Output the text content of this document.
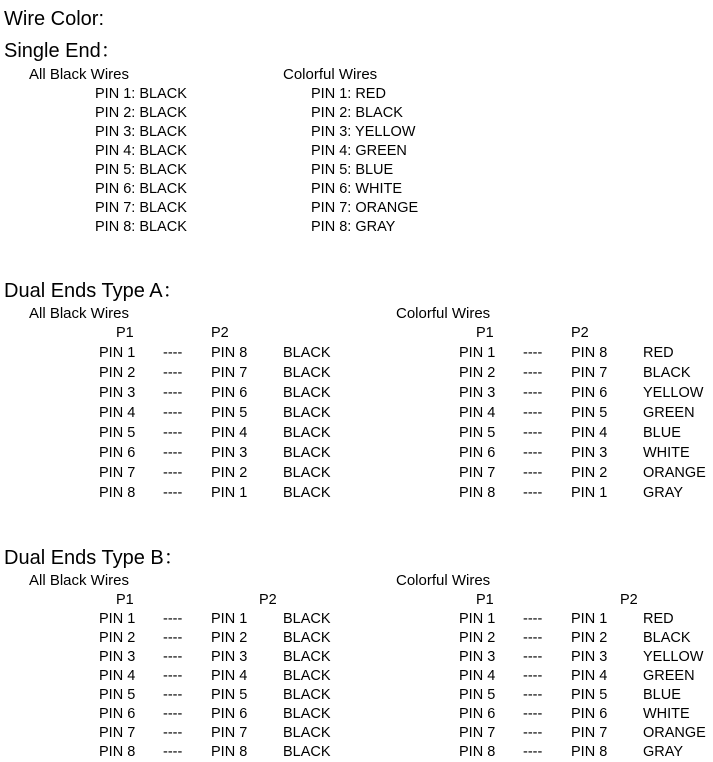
Wire Color:
Single End：
All Black Wires	Colorful Wires
PIN 1: BLACK
PIN 2: BLACK
PIN 3: BLACK
PIN 4: BLACK
PIN 5: BLACK
PIN 6: BLACK
PIN 7: BLACK
PIN 8: BLACK
PIN 1: RED
PIN 2: BLACK
PIN 3: YELLOW
PIN 4: GREEN
PIN 5: BLUE
PIN 6: WHITE
PIN 7: ORANGE
PIN 8: GRAY
Dual Ends Type A：
All Black Wires	Colorful Wires
P1	P2	P1	P2
PIN 1 ---- PIN 8 BLACK
PIN 2 ---- PIN 7 BLACK
PIN 3 ---- PIN 6 BLACK
PIN 4 ---- PIN 5 BLACK
PIN 5 ---- PIN 4 BLACK
PIN 6 ---- PIN 3 BLACK
PIN 7 ---- PIN 2 BLACK
PIN 8 ---- PIN 1 BLACK
PIN 1 ---- PIN 8 RED
PIN 2 ---- PIN 7 BLACK
PIN 3 ---- PIN 6 YELLOW
PIN 4 ---- PIN 5 GREEN
PIN 5 ---- PIN 4 BLUE
PIN 6 ---- PIN 3 WHITE
PIN 7 ---- PIN 2 ORANGE
PIN 8 ---- PIN 1 GRAY
Dual Ends Type B：
All Black Wires	Colorful Wires
P1	P2	P1	P2
PIN 1 ---- PIN 1 BLACK
PIN 2 ---- PIN 2 BLACK
PIN 3 ---- PIN 3 BLACK
PIN 4 ---- PIN 4 BLACK
PIN 5 ---- PIN 5 BLACK
PIN 6 ---- PIN 6 BLACK
PIN 7 ---- PIN 7 BLACK
PIN 8 ---- PIN 8 BLACK
PIN 1 ---- PIN 1 RED
PIN 2 ---- PIN 2 BLACK
PIN 3 ---- PIN 3 YELLOW
PIN 4 ---- PIN 4 GREEN
PIN 5 ---- PIN 5 BLUE
PIN 6 ---- PIN 6 WHITE
PIN 7 ---- PIN 7 ORANGE
PIN 8 ---- PIN 8 GRAY
